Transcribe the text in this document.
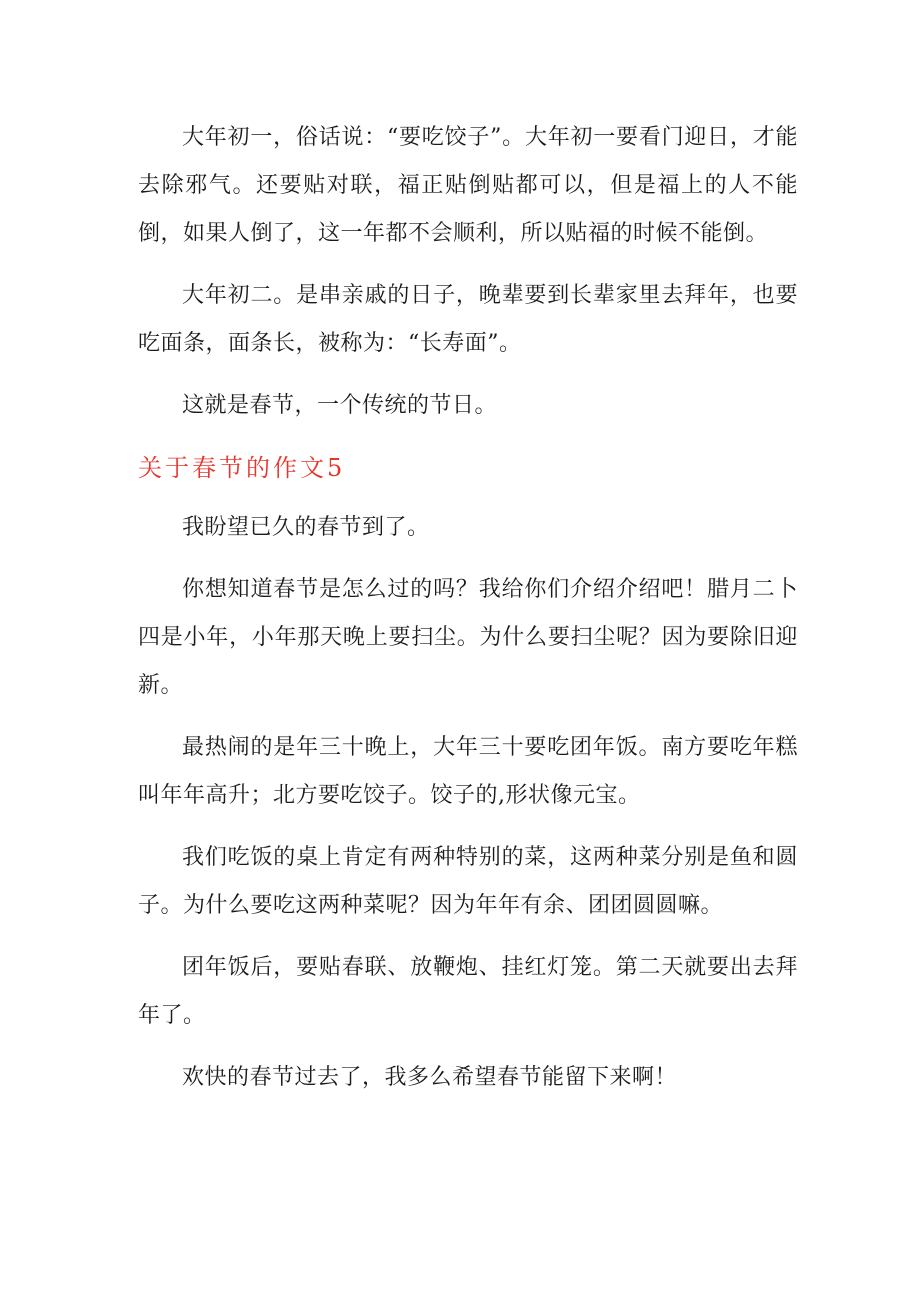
大年初一，俗话说：“要吃饺子”。大年初一要看门迎日，才能去除邪气。还要贴对联，福正贴倒贴都可以，但是福上的人不能倒，如果人倒了，这一年都不会顺利，所以贴福的时候不能倒。

大年初二。是串亲戚的日子，晚辈要到长辈家里去拜年，也要吃面条，面条长，被称为：“长寿面”。

这就是春节，一个传统的节日。

关于春节的作文5

我盼望已久的春节到了。

你想知道春节是怎么过的吗？我给你们介绍介绍吧！腊月二卜四是小年，小年那天晚上要扫尘。为什么要扫尘呢？因为要除旧迎新。

最热闹的是年三十晚上，大年三十要吃团年饭。南方要吃年糕叫年年高升；北方要吃饺子。饺子的,形状像元宝。

我们吃饭的桌上肯定有两种特别的菜，这两种菜分别是鱼和圆子。为什么要吃这两种菜呢？因为年年有余、团团圆圆嘛。

团年饭后，要贴春联、放鞭炮、挂红灯笼。第二天就要出去拜年了。

欢快的春节过去了，我多么希望春节能留下来啊！
